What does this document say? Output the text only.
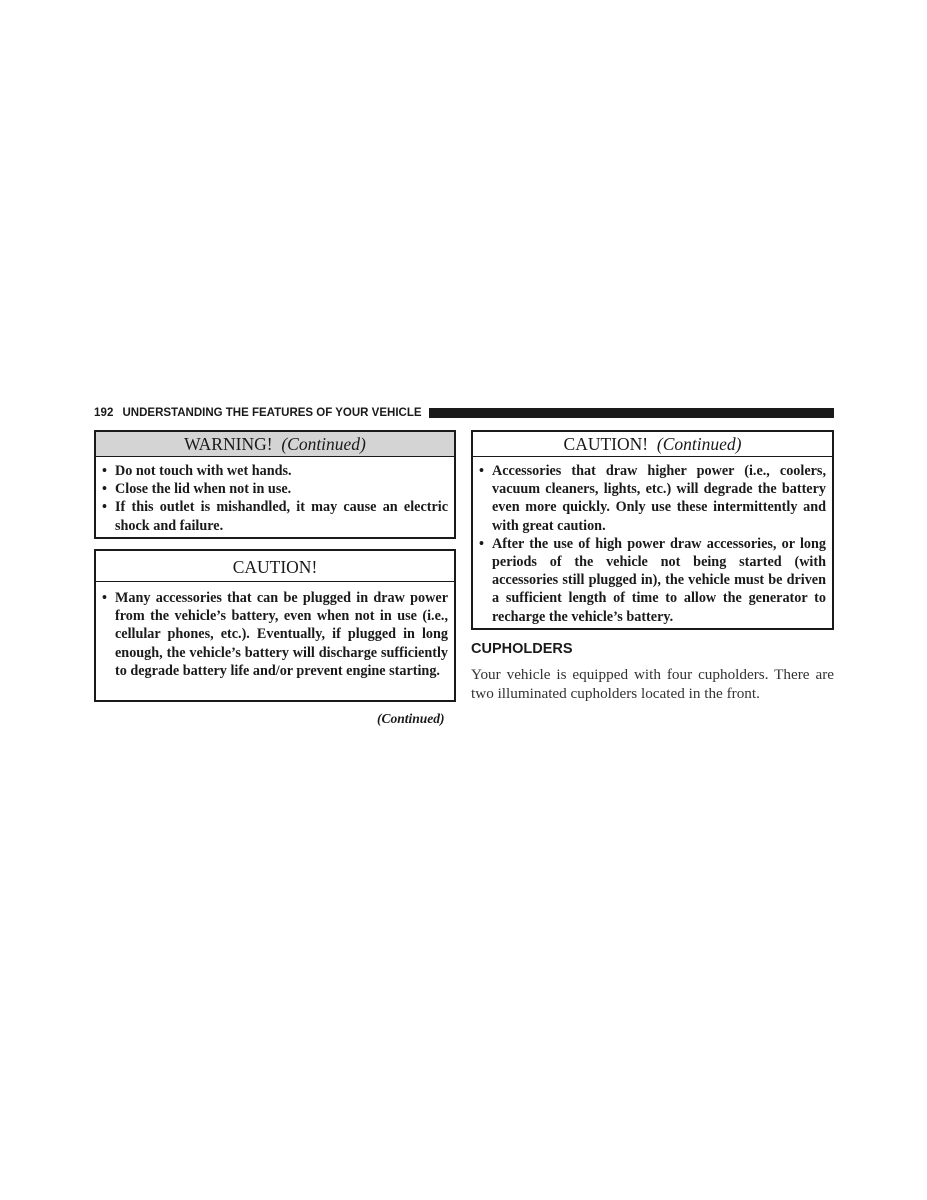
192 UNDERSTANDING THE FEATURES OF YOUR VEHICLE
WARNING! (Continued)
• Do not touch with wet hands.
• Close the lid when not in use.
• If this outlet is mishandled, it may cause an electric shock and failure.
CAUTION!
• Many accessories that can be plugged in draw power from the vehicle’s battery, even when not in use (i.e., cellular phones, etc.). Eventually, if plugged in long enough, the vehicle’s battery will discharge sufficiently to degrade battery life and/or prevent engine starting.
(Continued)
CAUTION! (Continued)
• Accessories that draw higher power (i.e., coolers, vacuum cleaners, lights, etc.) will degrade the battery even more quickly. Only use these intermittently and with great caution.
• After the use of high power draw accessories, or long periods of the vehicle not being started (with accessories still plugged in), the vehicle must be driven a sufficient length of time to allow the generator to recharge the vehicle’s battery.
CUPHOLDERS
Your vehicle is equipped with four cupholders. There are two illuminated cupholders located in the front.
